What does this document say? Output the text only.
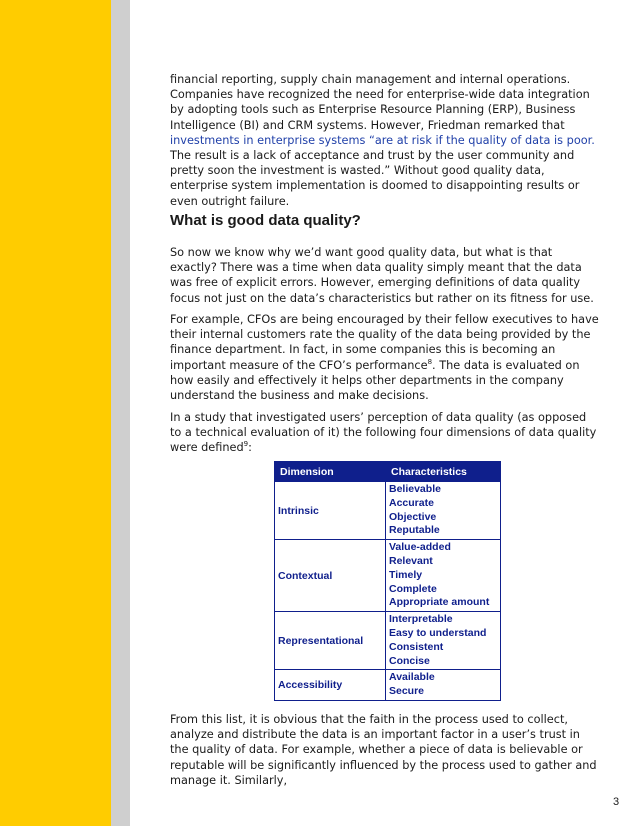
financial reporting, supply chain management and internal operations. Companies have recognized the need for enterprise-wide data integration by adopting tools such as Enterprise Resource Planning (ERP), Business Intelligence (BI) and CRM systems. However, Friedman remarked that investments in enterprise systems “are at risk if the quality of data is poor. The result is a lack of acceptance and trust by the user community and pretty soon the investment is wasted.” Without good quality data, enterprise system implementation is doomed to disappointing results or even outright failure.

What is good data quality?

So now we know why we’d want good quality data, but what is that exactly? There was a time when data quality simply meant that the data was free of explicit errors. However, emerging definitions of data quality focus not just on the data’s characteristics but rather on its fitness for use.

For example, CFOs are being encouraged by their fellow executives to have their internal customers rate the quality of the data being provided by the finance department. In fact, in some companies this is becoming an important measure of the CFO’s performance$^8$. The data is evaluated on how easily and effectively it helps other departments in the company understand the business and make decisions.

In a study that investigated users’ perception of data quality (as opposed to a technical evaluation of it) the following four dimensions of data quality were defined$^9$:

Dimension	Characteristics
Intrinsic	Believable
Accurate
Objective
Reputable

Contextual	Value-added
Relevant
Timely
Complete
Appropriate amount

Representational	Interpretable
Easy to understand
Consistent
Concise

Accessibility	Available
Secure

From this list, it is obvious that the faith in the process used to collect, analyze and distribute the data is an important factor in a user’s trust in the quality of data. For example, whether a piece of data is believable or reputable will be significantly influenced by the process used to gather and manage it. Similarly,

3
